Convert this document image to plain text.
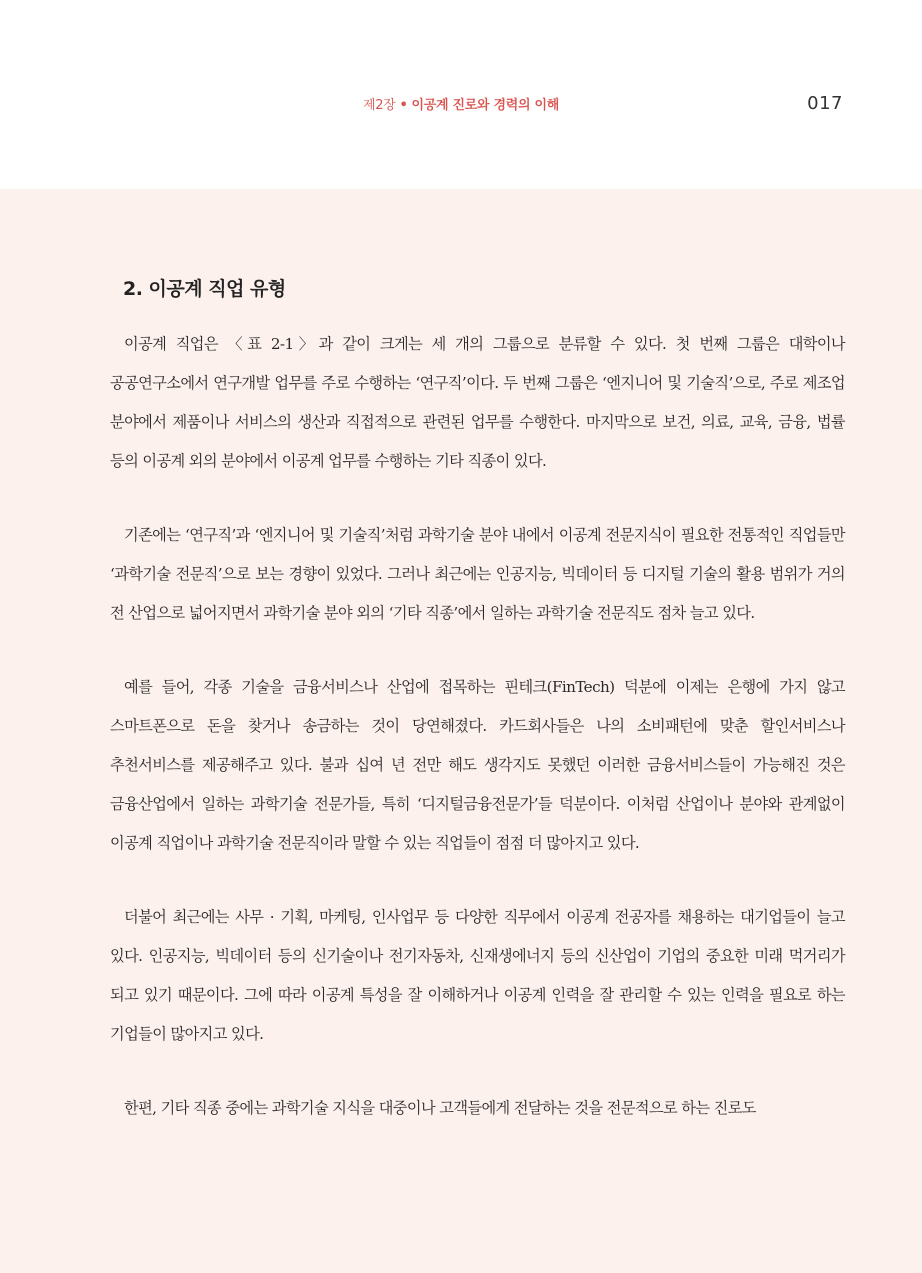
제2장 • 이공계 진로와 경력의 이해	017
2. 이공계 직업 유형

이공계 직업은 〈표 2-1〉과 같이 크게는 세 개의 그룹으로 분류할 수 있다. 첫 번째 그룹은 대학이나 공공연구소에서 연구개발 업무를 주로 수행하는 ‘연구직’이다. 두 번째 그룹은 ‘엔지니어 및 기술직’으로, 주로 제조업 분야에서 제품이나 서비스의 생산과 직접적으로 관련된 업무를 수행한다. 마지막으로 보건, 의료, 교육, 금융, 법률 등의 이공계 외의 분야에서 이공계 업무를 수행하는 기타 직종이 있다.

기존에는 ‘연구직’과 ‘엔지니어 및 기술직’처럼 과학기술 분야 내에서 이공계 전문지식이 필요한 전통적인 직업들만 ‘과학기술 전문직’으로 보는 경향이 있었다. 그러나 최근에는 인공지능, 빅데이터 등 디지털 기술의 활용 범위가 거의 전 산업으로 넓어지면서 과학기술 분야 외의 ‘기타 직종’에서 일하는 과학기술 전문직도 점차 늘고 있다.

예를 들어, 각종 기술을 금융서비스나 산업에 접목하는 핀테크(FinTech) 덕분에 이제는 은행에 가지 않고 스마트폰으로 돈을 찾거나 송금하는 것이 당연해졌다. 카드회사들은 나의 소비패턴에 맞춘 할인서비스나 추천서비스를 제공해주고 있다. 불과 십여 년 전만 해도 생각지도 못했던 이러한 금융서비스들이 가능해진 것은 금융산업에서 일하는 과학기술 전문가들, 특히 ‘디지털금융전문가’들 덕분이다. 이처럼 산업이나 분야와 관계없이 이공계 직업이나 과학기술 전문직이라 말할 수 있는 직업들이 점점 더 많아지고 있다.

더불어 최근에는 사무 · 기획, 마케팅, 인사업무 등 다양한 직무에서 이공계 전공자를 채용하는 대기업들이 늘고 있다. 인공지능, 빅데이터 등의 신기술이나 전기자동차, 신재생에너지 등의 신산업이 기업의 중요한 미래 먹거리가 되고 있기 때문이다. 그에 따라 이공계 특성을 잘 이해하거나 이공계 인력을 잘 관리할 수 있는 인력을 필요로 하는 기업들이 많아지고 있다.

한편, 기타 직종 중에는 과학기술 지식을 대중이나 고객들에게 전달하는 것을 전문적으로 하는 진로도
